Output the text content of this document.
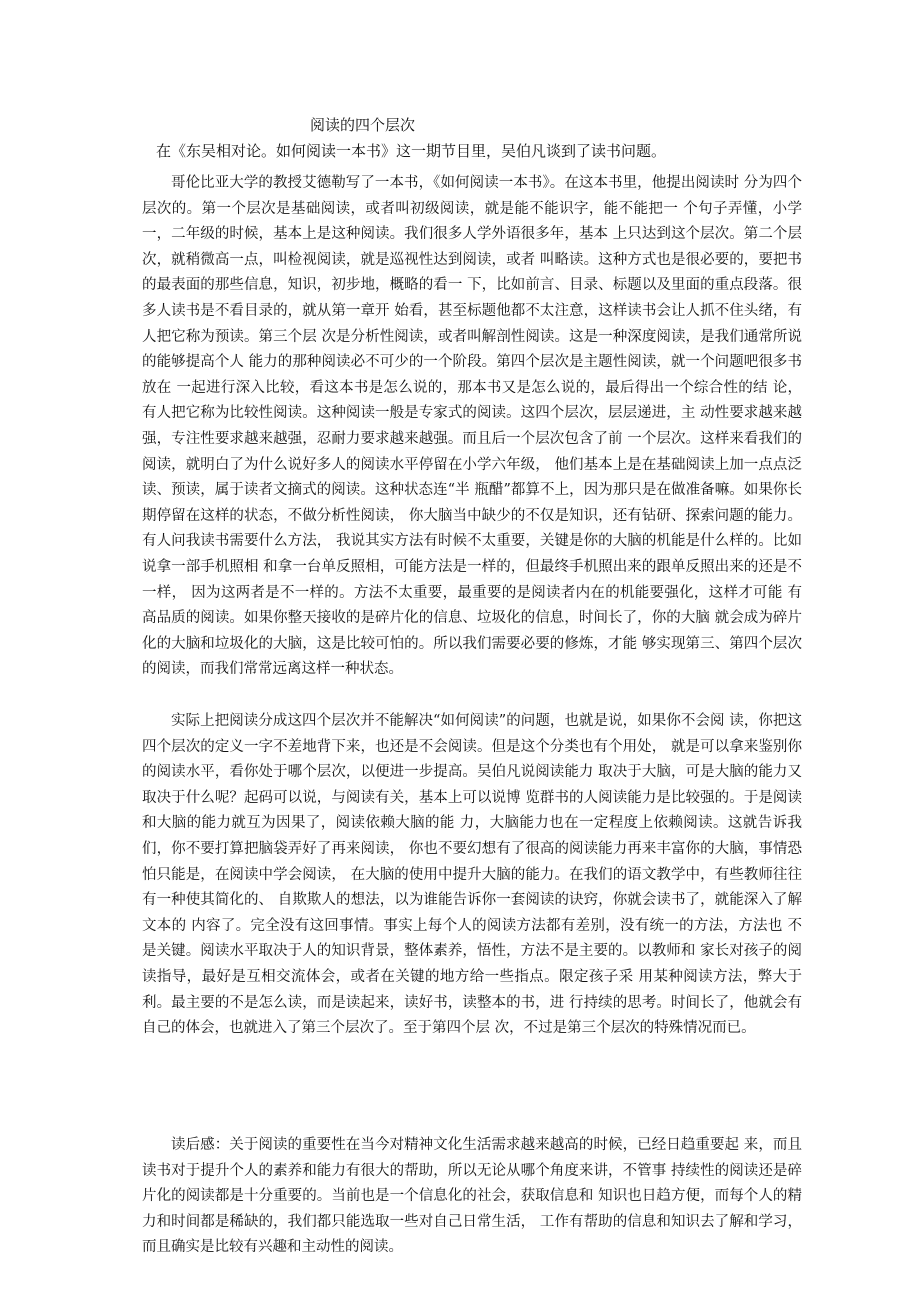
阅读的四个层次
在《东吴相对论。如何阅读一本书》这一期节目里，吴伯凡谈到了读书问题。

哥伦比亚大学的教授艾德勒写了一本书，《如何阅读一本书》。在这本书里，他提出阅读时 分为四个层次的。第一个层次是基础阅读，或者叫初级阅读，就是能不能识字，能不能把一 个句子弄懂，小学一，二年级的时候，基本上是这种阅读。我们很多人学外语很多年，基本 上只达到这个层次。第二个层次，就稍微高一点，叫检视阅读，就是巡视性达到阅读，或者 叫略读。这种方式也是很必要的，要把书的最表面的那些信息，知识，初步地，概略的看一 下，比如前言、目录、标题以及里面的重点段落。很多人读书是不看目录的，就从第一章开 始看，甚至标题他都不太注意，这样读书会让人抓不住头绪，有人把它称为预读。第三个层 次是分析性阅读，或者叫解剖性阅读。这是一种深度阅读，是我们通常所说的能够提高个人 能力的那种阅读必不可少的一个阶段。第四个层次是主题性阅读，就一个问题吧很多书放在 一起进行深入比较，看这本书是怎么说的，那本书又是怎么说的，最后得出一个综合性的结 论，有人把它称为比较性阅读。这种阅读一般是专家式的阅读。这四个层次，层层递进，主 动性要求越来越强，专注性要求越来越强，忍耐力要求越来越强。而且后一个层次包含了前 一个层次。这样来看我们的阅读，就明白了为什么说好多人的阅读水平停留在小学六年级， 他们基本上是在基础阅读上加一点点泛读、预读，属于读者文摘式的阅读。这种状态连“半 瓶醋”都算不上，因为那只是在做准备嘛。如果你长期停留在这样的状态，不做分析性阅读， 你大脑当中缺少的不仅是知识，还有钻研、探索问题的能力。有人问我读书需要什么方法， 我说其实方法有时候不太重要，关键是你的大脑的机能是什么样的。比如说拿一部手机照相 和拿一台单反照相，可能方法是一样的，但最终手机照出来的跟单反照出来的还是不一样， 因为这两者是不一样的。方法不太重要，最重要的是阅读者内在的机能要强化，这样才可能 有高品质的阅读。如果你整天接收的是碎片化的信息、垃圾化的信息，时间长了，你的大脑 就会成为碎片化的大脑和垃圾化的大脑，这是比较可怕的。所以我们需要必要的修炼，才能 够实现第三、第四个层次的阅读，而我们常常远离这样一种状态。

实际上把阅读分成这四个层次并不能解决“如何阅读”的问题，也就是说，如果你不会阅 读，你把这四个层次的定义一字不差地背下来，也还是不会阅读。但是这个分类也有个用处， 就是可以拿来鉴别你的阅读水平，看你处于哪个层次，以便进一步提高。吴伯凡说阅读能力 取决于大脑，可是大脑的能力又取决于什么呢？起码可以说，与阅读有关，基本上可以说博 览群书的人阅读能力是比较强的。于是阅读和大脑的能力就互为因果了，阅读依赖大脑的能 力，大脑能力也在一定程度上依赖阅读。这就告诉我们，你不要打算把脑袋弄好了再来阅读， 你也不要幻想有了很高的阅读能力再来丰富你的大脑，事情恐怕只能是，在阅读中学会阅读， 在大脑的使用中提升大脑的能力。在我们的语文教学中，有些教师往往有一种使其简化的、 自欺欺人的想法，以为谁能告诉你一套阅读的诀窍，你就会读书了，就能深入了解文本的 内容了。完全没有这回事情。事实上每个人的阅读方法都有差别，没有统一的方法，方法也 不是关键。阅读水平取决于人的知识背景，整体素养，悟性，方法不是主要的。以教师和 家长对孩子的阅读指导，最好是互相交流体会，或者在关键的地方给一些指点。限定孩子采 用某种阅读方法，弊大于利。最主要的不是怎么读，而是读起来，读好书，读整本的书，进 行持续的思考。时间长了，他就会有自己的体会，也就进入了第三个层次了。至于第四个层 次，不过是第三个层次的特殊情况而已。

读后感：关于阅读的重要性在当今对精神文化生活需求越来越高的时候，已经日趋重要起 来，而且读书对于提升个人的素养和能力有很大的帮助，所以无论从哪个角度来讲，不管事 持续性的阅读还是碎片化的阅读都是十分重要的。当前也是一个信息化的社会，获取信息和 知识也日趋方便，而每个人的精力和时间都是稀缺的，我们都只能选取一些对自己日常生活， 工作有帮助的信息和知识去了解和学习，而且确实是比较有兴趣和主动性的阅读。
